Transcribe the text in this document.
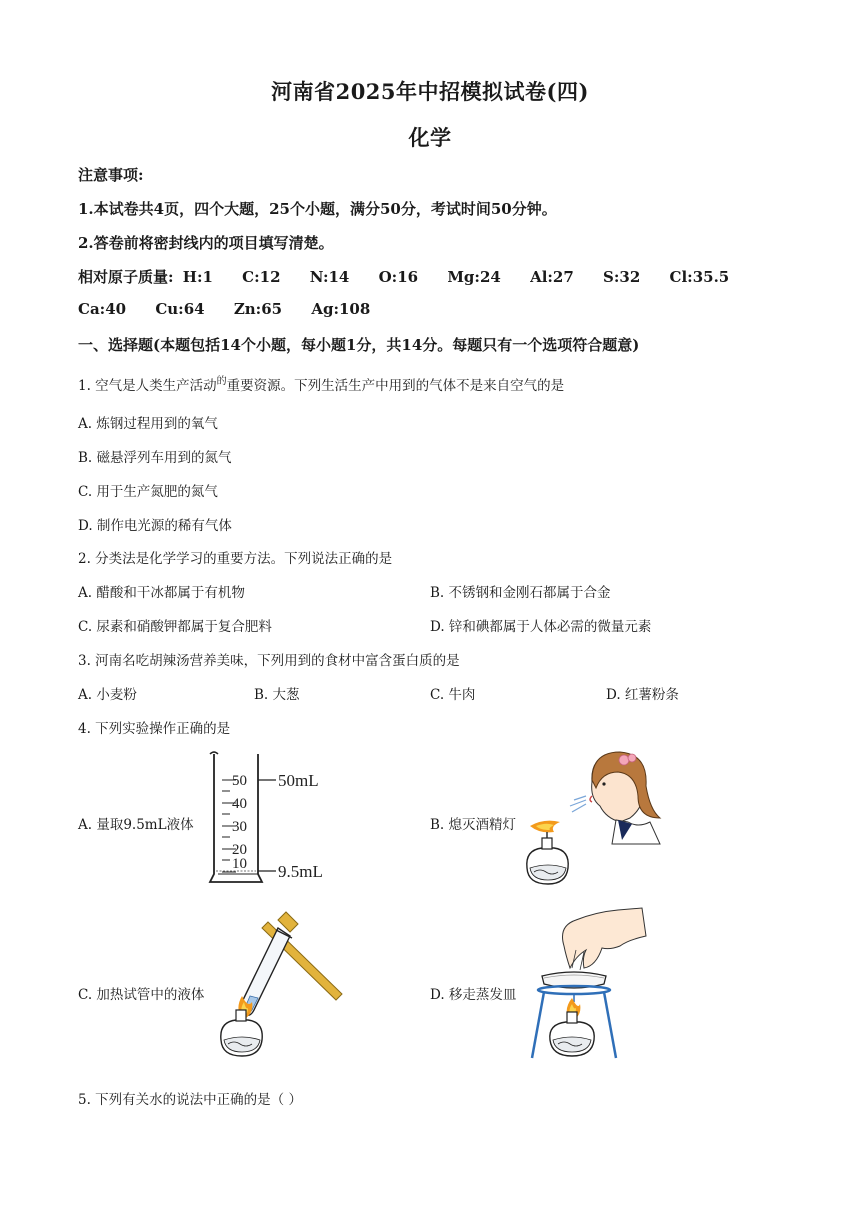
河南省2025年中招模拟试卷(四)
化学
注意事项:
1.本试卷共4页，四个大题，25个小题，满分50分，考试时间50分钟。
2.答卷前将密封线内的项目填写清楚。
相对原子质量: H:1 C:12 N:14 O:16 Mg:24 Al:27 S:32 Cl:35.5
Ca:40 Cu:64 Zn:65 Ag:108
一、选择题(本题包括14个小题，每小题1分，共14分。每题只有一个选项符合题意)
1. 空气是人类生产活动$^的$重要资源。下列生活生产中用到的气体不是来自空气的是
A. 炼钢过程用到的氧气
B. 磁悬浮列车用到的氮气
C. 用于生产氮肥的氮气
D. 制作电光源的稀有气体
2. 分类法是化学学习的重要方法。下列说法正确的是
A. 醋酸和干冰都属于有机物	B. 不锈钢和金刚石都属于合金
C. 尿素和硝酸钾都属于复合肥料	D. 锌和碘都属于人体必需的微量元素
3. 河南名吃胡辣汤营养美味，下列用到的食材中富含蛋白质的是
A. 小麦粉	B. 大葱	C. 牛肉	D. 红薯粉条
4. 下列实验操作正确的是
A. 量取9.5mL液体	B. 熄灭酒精灯
C. 加热试管中的液体	D. 移走蒸发皿
50
40
30
20
10
50mL
9.5mL
5. 下列有关水的说法中正确的是（ ）
